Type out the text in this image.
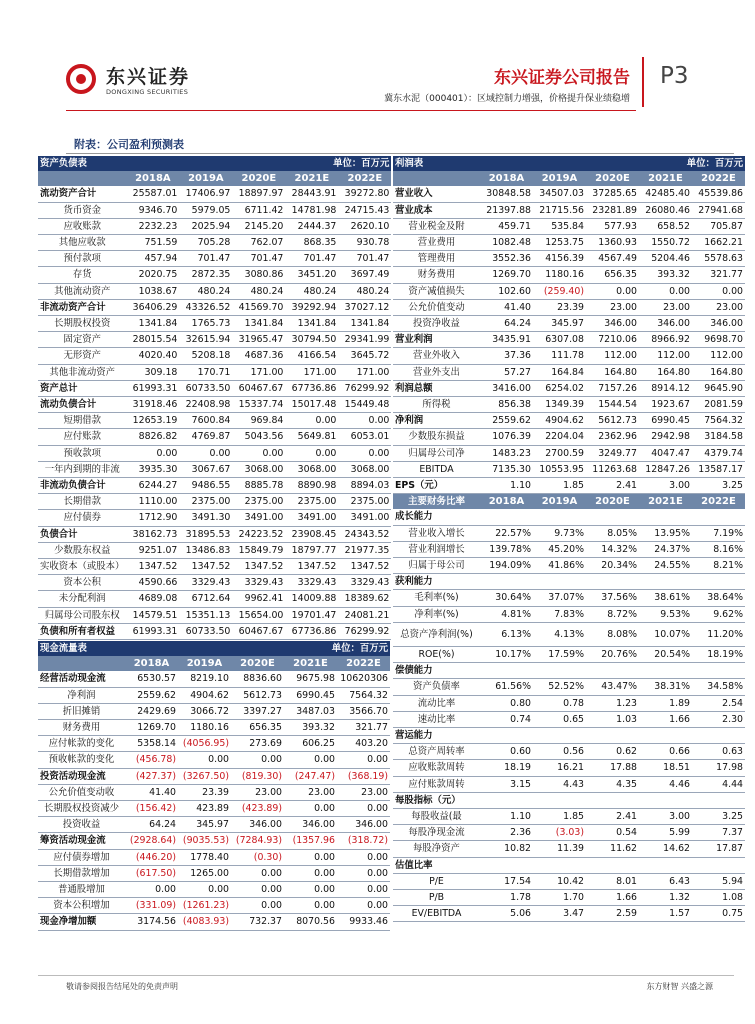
东兴证券
DONGXING SECURITIES
东兴证券公司报告
冀东水泥（000401）：区域控制力增强，价格提升保业绩稳增
P3
附表：公司盈利预测表
资产负债表				单位：百万元	
	2018A	2019A	2020E	2021E	2022E
流动资产合计	25587.01	17406.97	18897.97	28443.91	39272.80
货币资金	9346.70	5979.05	6711.42	14781.98	24715.43
应收账款	2232.23	2025.94	2145.20	2444.37	2620.10
其他应收款	751.59	705.28	762.07	868.35	930.78
预付款项	457.94	701.47	701.47	701.47	701.47
存货	2020.75	2872.35	3080.86	3451.20	3697.49
其他流动资产	1038.67	480.24	480.24	480.24	480.24
非流动资产合计	36406.29	43326.52	41569.70	39292.94	37027.12
长期股权投资	1341.84	1765.73	1341.84	1341.84	1341.84
固定资产	28015.54	32615.94	31965.47	30794.50	29341.99
无形资产	4020.40	5208.18	4687.36	4166.54	3645.72
其他非流动资产	309.18	170.71	171.00	171.00	171.00
资产总计	61993.31	60733.50	60467.67	67736.86	76299.92
流动负债合计	31918.46	22408.98	15337.74	15017.48	15449.48
短期借款	12653.19	7600.84	969.84	0.00	0.00
应付账款	8826.82	4769.87	5043.56	5649.81	6053.01
预收款项	0.00	0.00	0.00	0.00	0.00
一年内到期的非流	3935.30	3067.67	3068.00	3068.00	3068.00
非流动负债合计	6244.27	9486.55	8885.78	8890.98	8894.03
长期借款	1110.00	2375.00	2375.00	2375.00	2375.00
应付债券	1712.90	3491.30	3491.00	3491.00	3491.00
负债合计	38162.73	31895.53	24223.52	23908.45	24343.52
少数股东权益	9251.07	13486.83	15849.79	18797.77	21977.35
实收资本（或股本）	1347.52	1347.52	1347.52	1347.52	1347.52
资本公积	4590.66	3329.43	3329.43	3329.43	3329.43
未分配利润	4689.08	6712.64	9962.41	14009.88	18389.62
归属母公司股东权	14579.51	15351.13	15654.00	19701.47	24081.21
负债和所有者权益	61993.31	60733.50	60467.67	67736.86	76299.92
利润表				单位：百万元	
	2018A	2019A	2020E	2021E	2022E
营业收入	30848.58	34507.03	37285.65	42485.40	45539.86
营业成本	21397.88	21715.56	23281.89	26080.46	27941.68
营业税金及附	459.71	535.84	577.93	658.52	705.87
营业费用	1082.48	1253.75	1360.93	1550.72	1662.21
管理费用	3552.36	4156.39	4567.49	5204.46	5578.63
财务费用	1269.70	1180.16	656.35	393.32	321.77
资产减值损失	102.60	(259.40)	0.00	0.00	0.00
公允价值变动	41.40	23.39	23.00	23.00	23.00
投资净收益	64.24	345.97	346.00	346.00	346.00
营业利润	3435.91	6307.08	7210.06	8966.92	9698.70
营业外收入	37.36	111.78	112.00	112.00	112.00
营业外支出	57.27	164.84	164.80	164.80	164.80
利润总额	3416.00	6254.02	7157.26	8914.12	9645.90
所得税	856.38	1349.39	1544.54	1923.67	2081.59
净利润	2559.62	4904.62	5612.73	6990.45	7564.32
少数股东损益	1076.39	2204.04	2362.96	2942.98	3184.58
归属母公司净	1483.23	2700.59	3249.77	4047.47	4379.74
EBITDA	7135.30	10553.95	11263.68	12847.26	13587.17
EPS（元）	1.10	1.85	2.41	3.00	3.25
主要财务比率	2018A	2019A	2020E	2021E	2022E
成长能力					
营业收入增长	22.57%	9.73%	8.05%	13.95%	7.19%
营业利润增长	139.78%	45.20%	14.32%	24.37%	8.16%
归属于母公司	194.09%	41.86%	20.34%	24.55%	8.21%
获利能力					
毛利率(%)	30.64%	37.07%	37.56%	38.61%	38.64%
净利率(%)	4.81%	7.83%	8.72%	9.53%	9.62%
总资产净利润(%)	6.13%	4.13%	8.08%	10.07%	11.20%
ROE(%)	10.17%	17.59%	20.76%	20.54%	18.19%
偿债能力					
资产负债率	61.56%	52.52%	43.47%	38.31%	34.58%
流动比率	0.80	0.78	1.23	1.89	2.54
速动比率	0.74	0.65	1.03	1.66	2.30
营运能力					
总资产周转率	0.60	0.56	0.62	0.66	0.63
应收账款周转	18.19	16.21	17.88	18.51	17.98
应付账款周转	3.15	4.43	4.35	4.46	4.44
每股指标（元）					
每股收益(最	1.10	1.85	2.41	3.00	3.25
每股净现金流	2.36	(3.03)	0.54	5.99	7.37
每股净资产	10.82	11.39	11.62	14.62	17.87
估值比率					
P/E	17.54	10.42	8.01	6.43	5.94
P/B	1.78	1.70	1.66	1.32	1.08
EV/EBITDA	5.06	3.47	2.59	1.57	0.75
现金流量表				单位：百万元	
	2018A	2019A	2020E	2021E	2022E
经营活动现金流	6530.57	8219.10	8836.60	9675.98	10620306
净利润	2559.62	4904.62	5612.73	6990.45	7564.32
折旧摊销	2429.69	3066.72	3397.27	3487.03	3566.70
财务费用	1269.70	1180.16	656.35	393.32	321.77
应付帐款的变化	5358.14	(4056.95)	273.69	606.25	403.20
预收帐款的变化	(456.78)	0.00	0.00	0.00	0.00
投资活动现金流	(427.37)	(3267.50)	(819.30)	(247.47)	(368.19)
公允价值变动收	41.40	23.39	23.00	23.00	23.00
长期股权投资减少	(156.42)	423.89	(423.89)	0.00	0.00
投资收益	64.24	345.97	346.00	346.00	346.00
筹资活动现金流	(2928.64)	(9035.53)	(7284.93)	(1357.96	(318.72)
应付债券增加	(446.20)	1778.40	(0.30)	0.00	0.00
长期借款增加	(617.50)	1265.00	0.00	0.00	0.00
普通股增加	0.00	0.00	0.00	0.00	0.00
资本公积增加	(331.09)	(1261.23)	0.00	0.00	0.00
现金净增加额	3174.56	(4083.93)	732.37	8070.56	9933.46
敬请参阅报告结尾处的免责声明	东方财智 兴盛之源
